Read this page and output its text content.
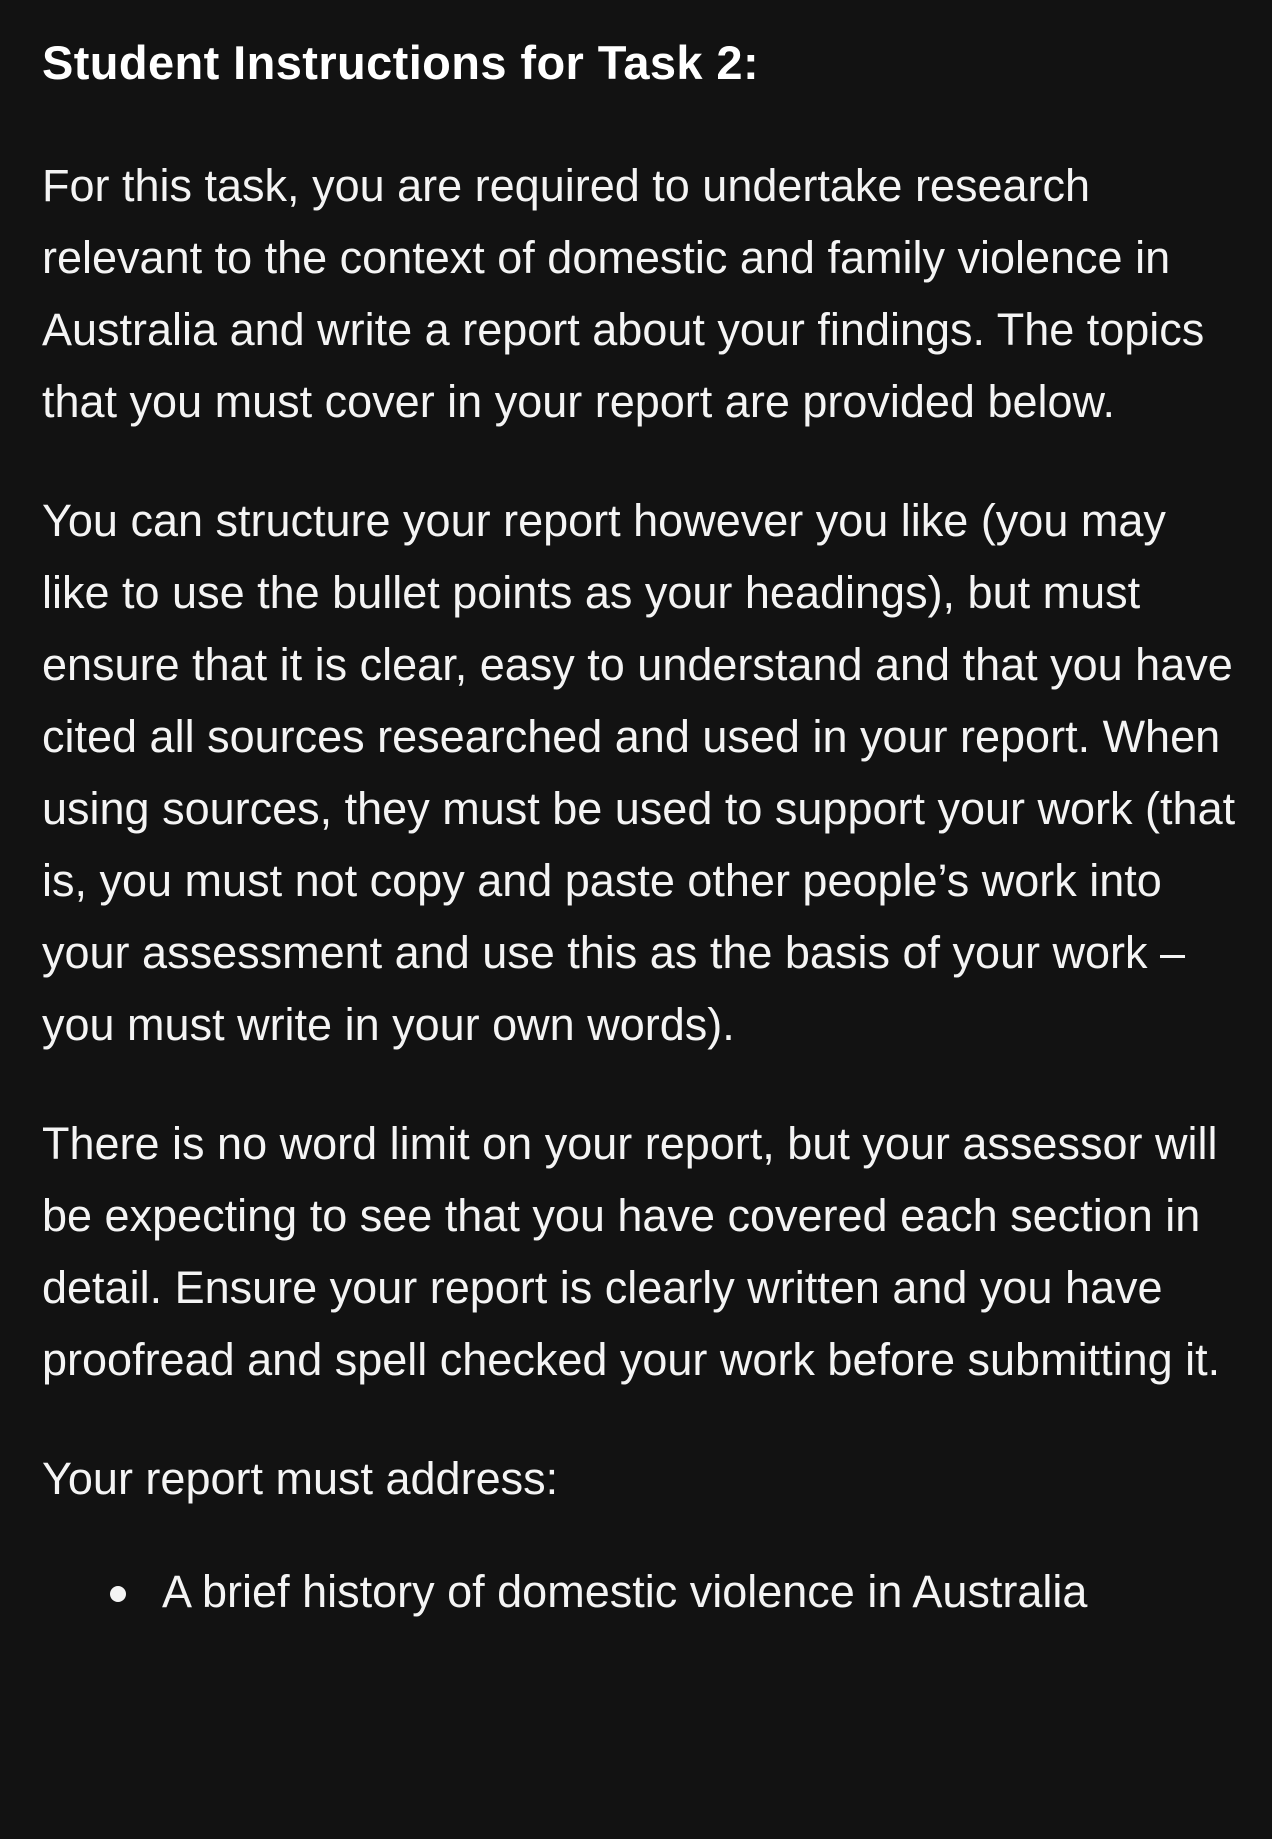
Student Instructions for Task 2:

For this task, you are required to undertake research relevant to the context of domestic and family violence in Australia and write a report about your findings. The topics that you must cover in your report are provided below.

You can structure your report however you like (you may like to use the bullet points as your headings), but must ensure that it is clear, easy to understand and that you have cited all sources researched and used in your report. When using sources, they must be used to support your work (that is, you must not copy and paste other people’s work into your assessment and use this as the basis of your work – you must write in your own words).

There is no word limit on your report, but your assessor will be expecting to see that you have covered each section in detail. Ensure your report is clearly written and you have proofread and spell checked your work before submitting it.

Your report must address:

A brief history of domestic violence in Australia
